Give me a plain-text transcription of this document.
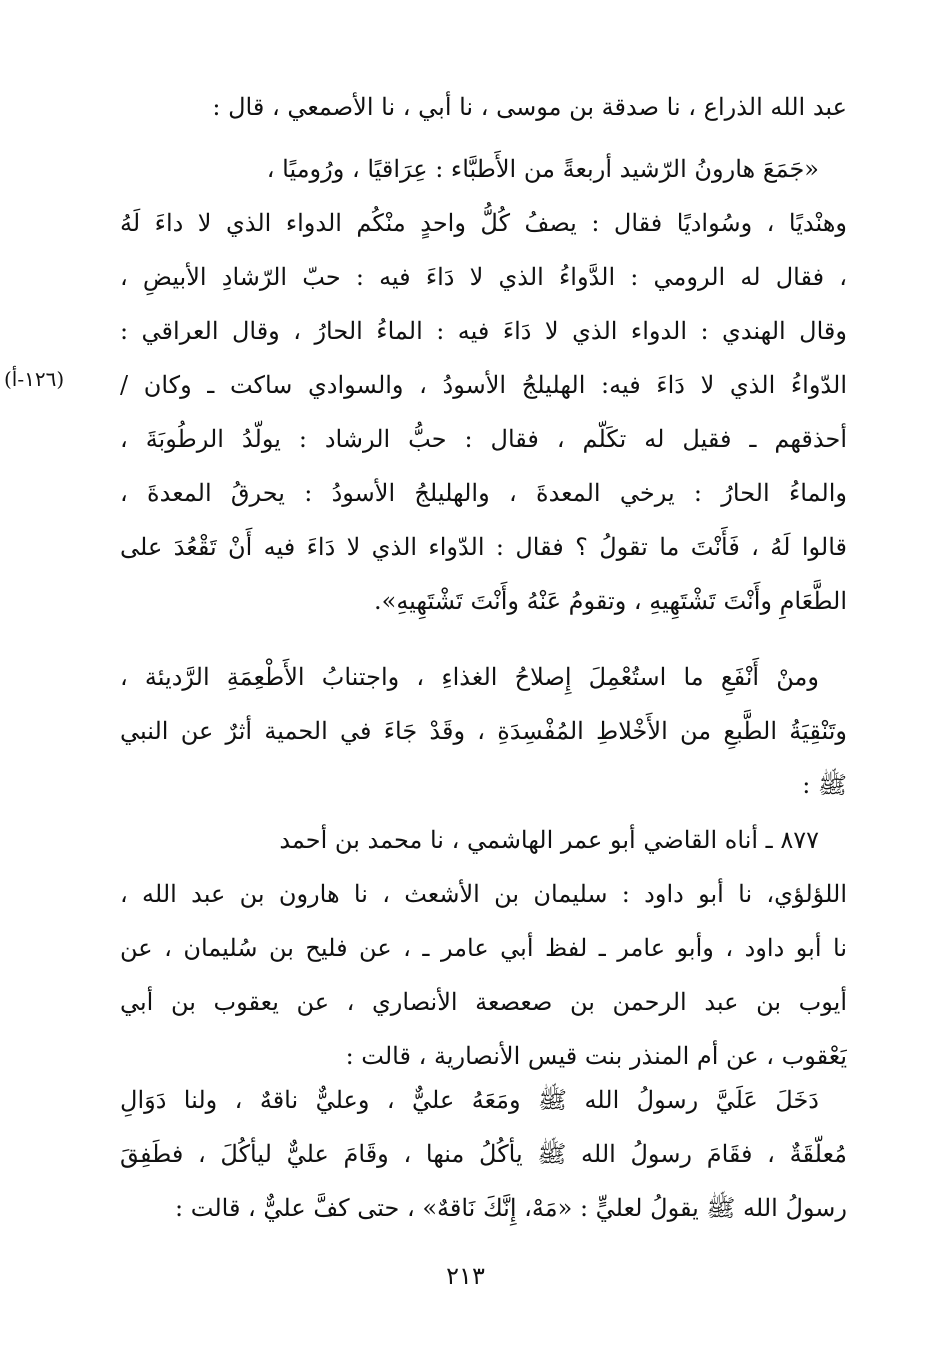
عبد الله الذراع ، نا صدقة بن موسى ، نا أبي ، نا الأصمعي ، قال :
«جَمَعَ هارونُ الرّشيد أربعةً من الأَطبَّاء : عِرَاقيًا ، ورُوميًا ،
وهنْديًا ، وسُواديًا فقال : يصفُ كُلُّ واحدٍ منْكُم الدواء الذي لا داءَ لَهُ
، فقال له الرومي : الدَّواءُ الذي لا دَاءَ فيه : حبّ الرّشادِ الأبيضِ ،
وقال الهندي : الدواء الذي لا دَاءَ فيه : الماءُ الحارُ ، وقال العراقي :
الدّواءُ الذي لا دَاءَ فيه: الهليلجُ الأسودُ ، والسوادي ساكت ـ وكان /
أحذقهم ـ فقيل له تكَلّم ، فقال : حبُّ الرشاد : يولّدُ الرطُوبَةَ ،
والماءُ الحارُ : يرخي المعدةَ ، والهليلجُ الأسودُ : يحرقُ المعدةَ ،
قالوا لَهُ ، فَأَنْتَ ما تقولُ ؟ فقال : الدّواء الذي لا دَاءَ فيه أَنْ تَقْعُدَ على
الطَّعَامِ وأَنْتَ تَشْتَهِيهِ ، وتقومُ عَنْهُ وأَنْتَ تَشْتَهِيهِ».
(١٢٦-أ)
ومنْ أَنْفَعِ ما استُعْمِلَ إِصلاحُ الغذاءِ ، واجتنابُ الأَطْعِمَةِ الرَّديئة ،
وتَنْقِيَةُ الطَّبعِ من الأَخْلاطِ المُفْسِدَةِ ، وقَدْ جَاءَ في الحمية أثرٌ عن النبي
ﷺ :
٨٧٧ ـ أناه القاضي أبو عمر الهاشمي ، نا محمد بن أحمد
اللؤلؤي، نا أبو داود : سليمان بن الأشعث ، نا هارون بن عبد الله ،
نا أبو داود ، وأبو عامر ـ لفظ أبي عامر ـ ، عن فليح بن سُليمان ، عن
أيوب بن عبد الرحمن بن صعصعة الأنصاري ، عن يعقوب بن أبي
يَعْقوب ، عن أم المنذر بنت قيس الأنصارية ، قالت :
دَخَلَ عَلَيَّ رسولُ الله ﷺ ومَعَهُ عليٌّ ، وعليٌّ ناقهٌ ، ولنا دَوَالِ
مُعلّقَةٌ ، فقَامَ رسولُ الله ﷺ يأكُلُ منها ، وقَامَ عليٌّ ليأكُلَ ، فطَفِقَ
رسولُ الله ﷺ يقولُ لعليٍّ : «مَهْ، إِنَّكَ نَاقهٌ» ، حتى كفَّ عليٌّ ، قالت :
٢١٣
